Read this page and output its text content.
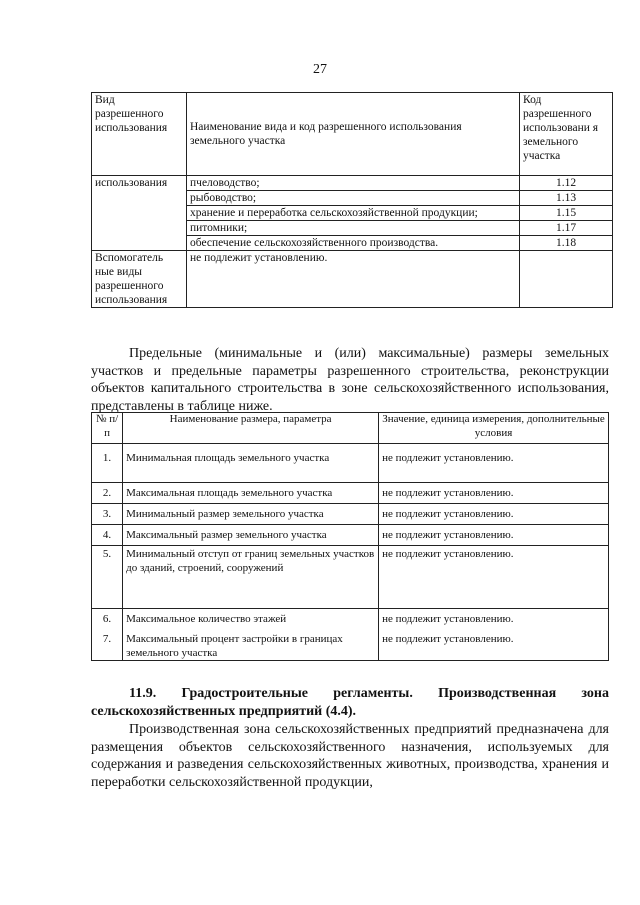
27
Вид разрешенного использования	Наименование вида и код разрешенного использования земельного участка	Код разрешенного использовани я земельного участка
использования	пчеловодство;	1.12
	рыбоводство;	1.13
	хранение и переработка сельскохозяйственной продукции;	1.15
	питомники;	1.17
	обеспечение сельскохозяйственного производства.	1.18
Вспомогатель ные виды разрешенного использования	не подлежит установлению.	
Предельные (минимальные и (или) максимальные) размеры земельных участков и предельные параметры разрешенного строительства, реконструкции объектов капитального строительства в зоне сельскохозяйственного использования, представлены в таблице ниже.
№ п/п	Наименование размера, параметра	Значение, единица измерения, дополнительные условия
1.	Минимальная площадь земельного участка	не подлежит установлению.
2.	Максимальная площадь земельного участка	не подлежит установлению.
3.	Минимальный размер земельного участка	не подлежит установлению.
4.	Максимальный размер земельного участка	не подлежит установлению.
5.	Минимальный отступ от границ земельных участков до зданий, строений, сооружений	не подлежит установлению.
6.	Максимальное количество этажей	не подлежит установлению.
7.	Максимальный процент застройки в границах земельного участка	не подлежит установлению.
11.9. Градостроительные регламенты. Производственная зона сельскохозяйственных предприятий (4.4).
Производственная зона сельскохозяйственных предприятий предназначена для размещения объектов сельскохозяйственного назначения, используемых для содержания и разведения сельскохозяйственных животных, производства, хранения и переработки сельскохозяйственной продукции,
